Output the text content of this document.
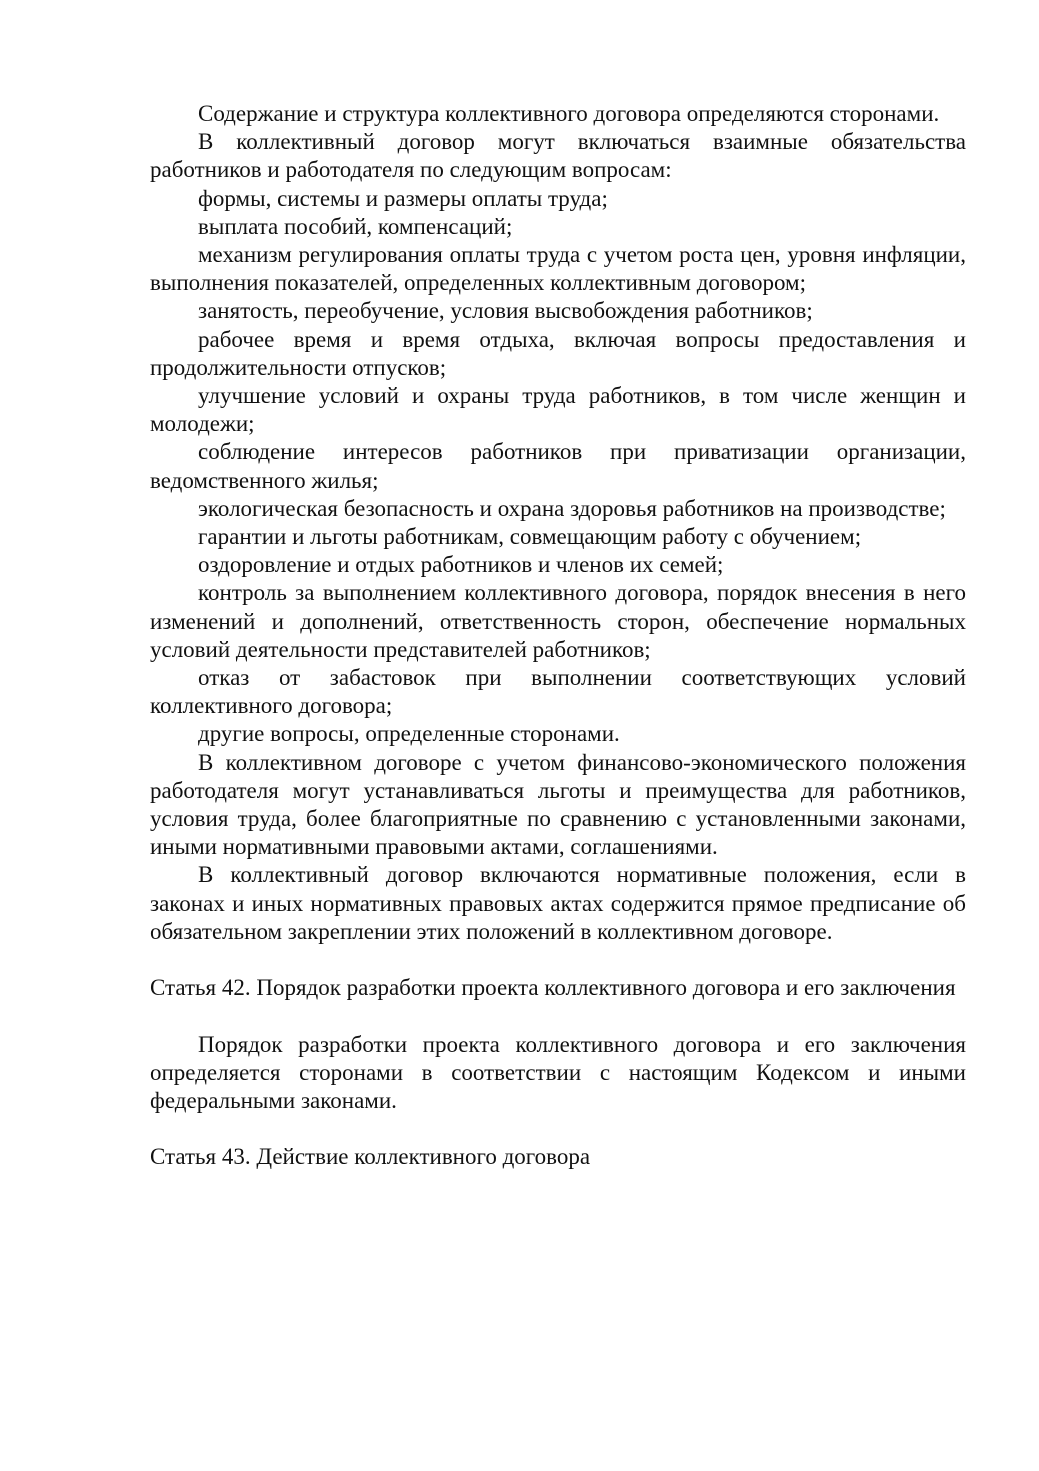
Содержание и структура коллективного договора определяются сторонами.

В коллективный договор могут включаться взаимные обязательства работников и работодателя по следующим вопросам:

формы, системы и размеры оплаты труда;

выплата пособий, компенсаций;

механизм регулирования оплаты труда с учетом роста цен, уровня инфляции, выполнения показателей, определенных коллективным договором;

занятость, переобучение, условия высвобождения работников;

рабочее время и время отдыха, включая вопросы предоставления и продолжительности отпусков;

улучшение условий и охраны труда работников, в том числе женщин и молодежи;

соблюдение интересов работников при приватизации организации, ведомственного жилья;

экологическая безопасность и охрана здоровья работников на производстве;

гарантии и льготы работникам, совмещающим работу с обучением;

оздоровление и отдых работников и членов их семей;

контроль за выполнением коллективного договора, порядок внесения в него изменений и дополнений, ответственность сторон, обеспечение нормальных условий деятельности представителей работников;

отказ от забастовок при выполнении соответствующих условий коллективного договора;

другие вопросы, определенные сторонами.

В коллективном договоре с учетом финансово-экономического положения работодателя могут устанавливаться льготы и преимущества для работников, условия труда, более благоприятные по сравнению с установленными законами, иными нормативными правовыми актами, соглашениями.

В коллективный договор включаются нормативные положения, если в законах и иных нормативных правовых актах содержится прямое предписание об обязательном закреплении этих положений в коллективном договоре.

Статья 42. Порядок разработки проекта коллективного договора и его заключения

Порядок разработки проекта коллективного договора и его заключения определяется сторонами в соответствии с настоящим Кодексом и иными федеральными законами.

Статья 43. Действие коллективного договора
